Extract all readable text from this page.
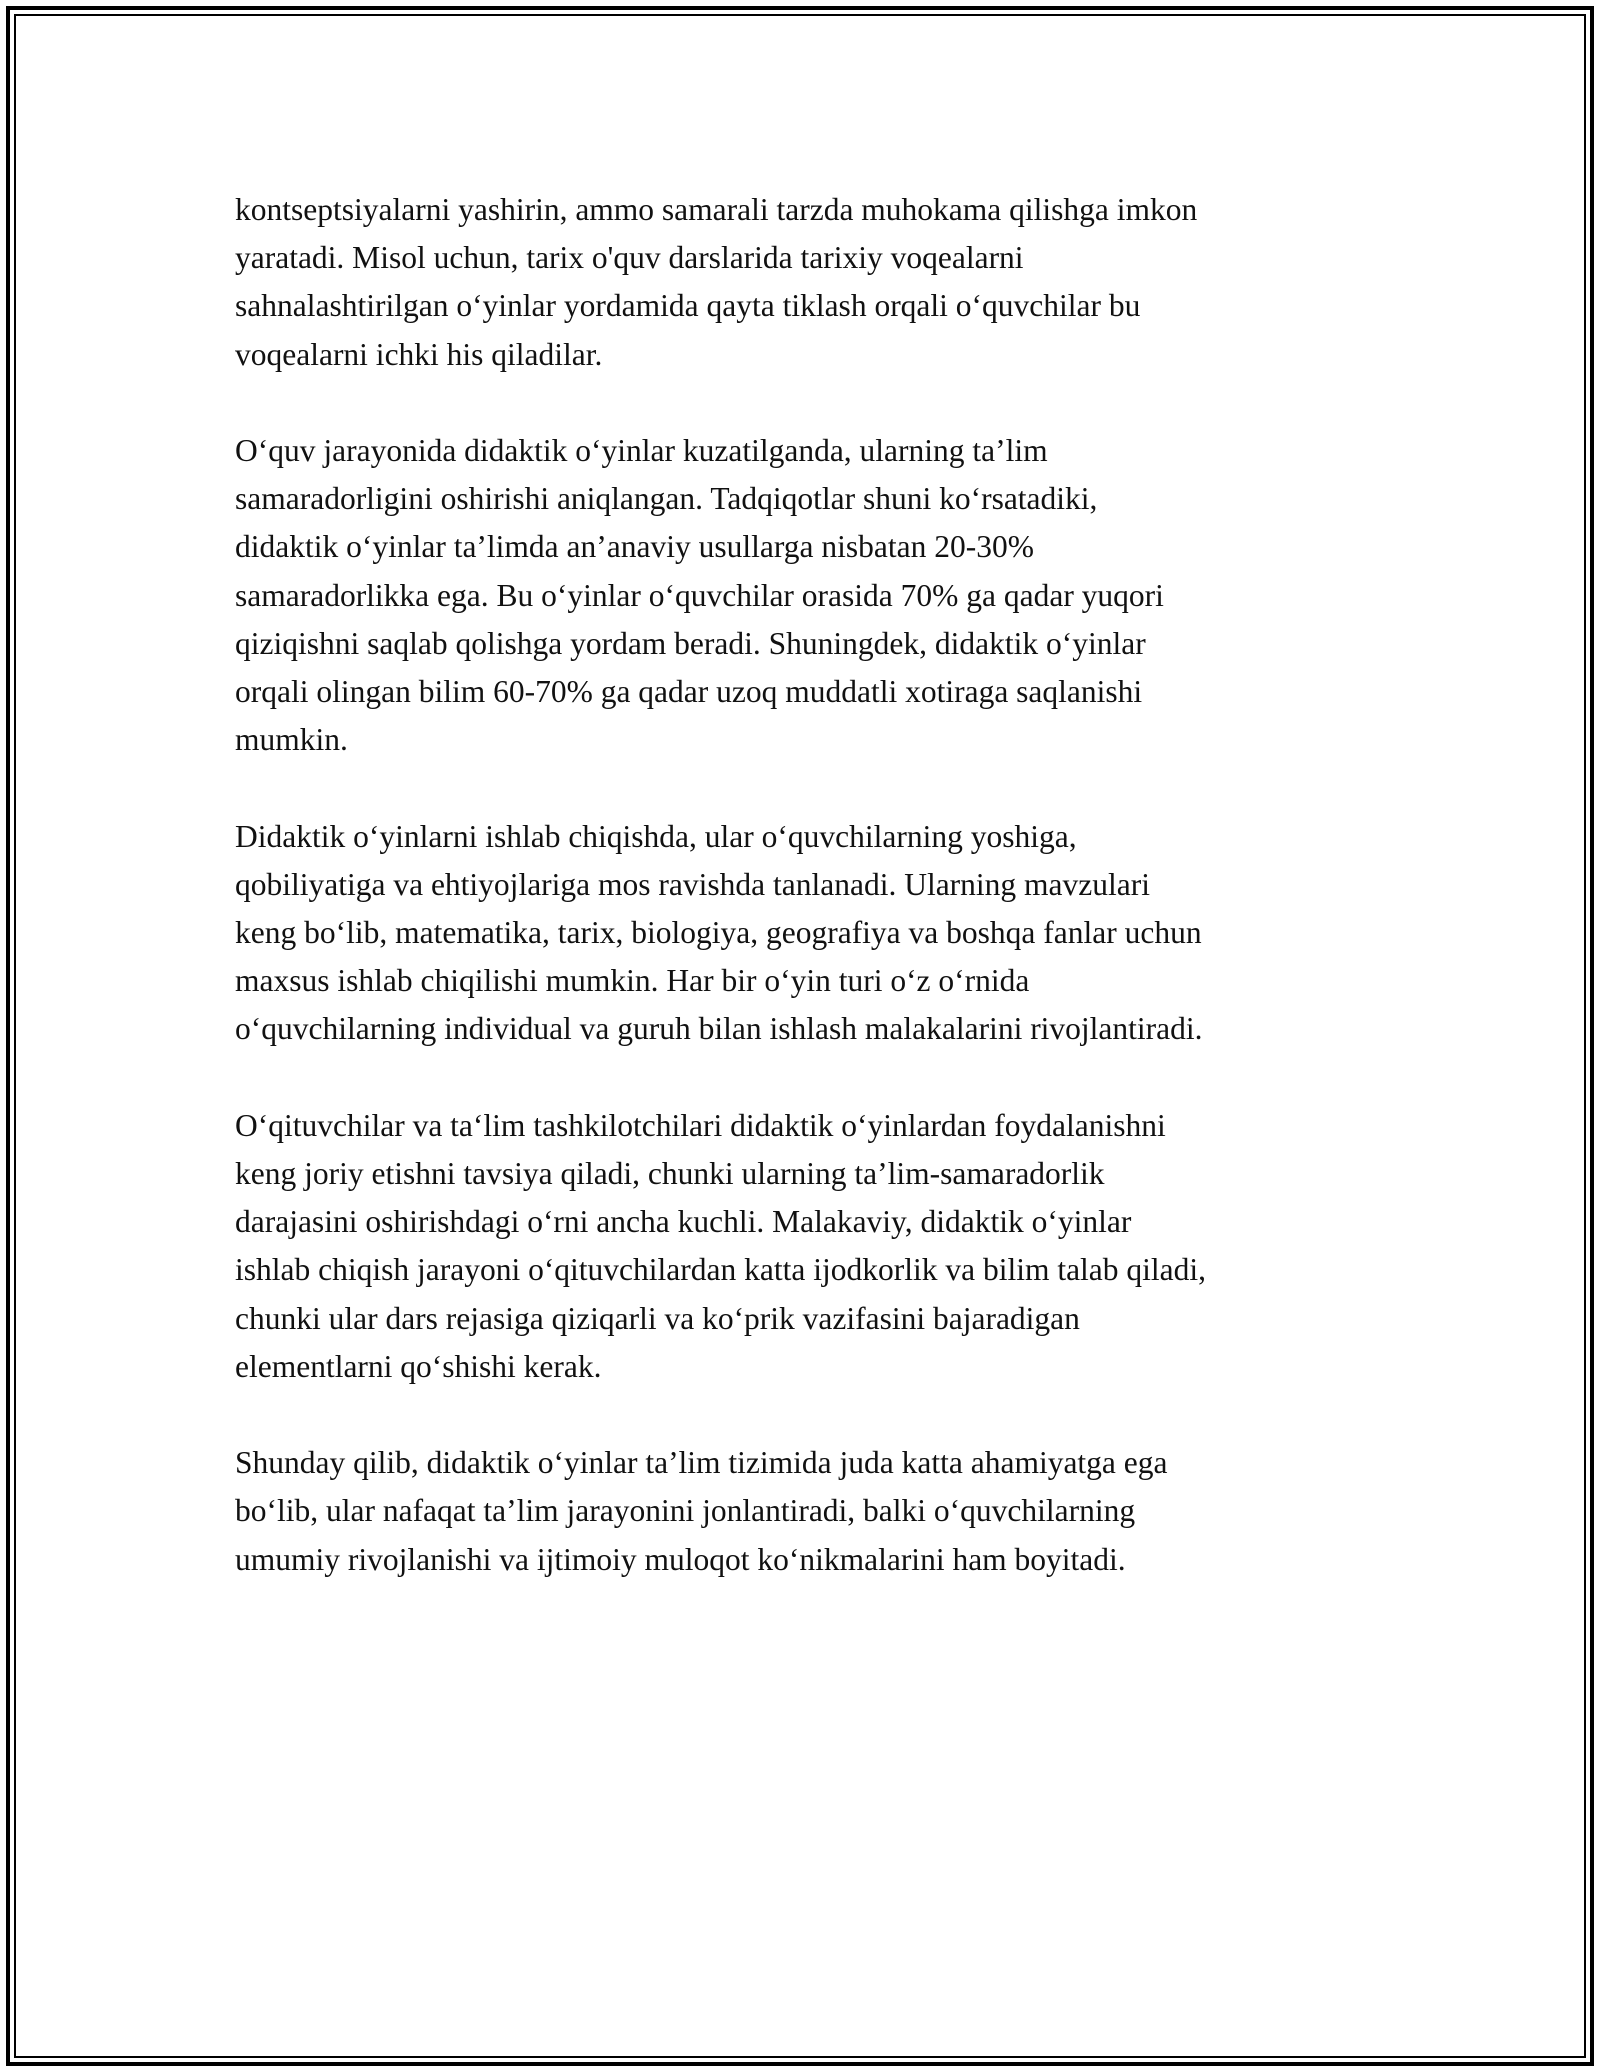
kontseptsiyalarni yashirin, ammo samarali tarzda muhokama qilishga imkon
yaratadi. Misol uchun, tarix o'quv darslarida tarixiy voqealarni
sahnalashtirilgan o‘yinlar yordamida qayta tiklash orqali o‘quvchilar bu
voqealarni ichki his qiladilar.

O‘quv jarayonida didaktik o‘yinlar kuzatilganda, ularning ta’lim
samaradorligini oshirishi aniqlangan. Tadqiqotlar shuni ko‘rsatadiki,
didaktik o‘yinlar ta’limda an’anaviy usullarga nisbatan 20-30%
samaradorlikka ega. Bu o‘yinlar o‘quvchilar orasida 70% ga qadar yuqori
qiziqishni saqlab qolishga yordam beradi. Shuningdek, didaktik o‘yinlar
orqali olingan bilim 60-70% ga qadar uzoq muddatli xotiraga saqlanishi
mumkin.

Didaktik o‘yinlarni ishlab chiqishda, ular o‘quvchilarning yoshiga,
qobiliyatiga va ehtiyojlariga mos ravishda tanlanadi. Ularning mavzulari
keng bo‘lib, matematika, tarix, biologiya, geografiya va boshqa fanlar uchun
maxsus ishlab chiqilishi mumkin. Har bir o‘yin turi o‘z o‘rnida
o‘quvchilarning individual va guruh bilan ishlash malakalarini rivojlantiradi.

O‘qituvchilar va ta‘lim tashkilotchilari didaktik o‘yinlardan foydalanishni
keng joriy etishni tavsiya qiladi, chunki ularning ta’lim-samaradorlik
darajasini oshirishdagi o‘rni ancha kuchli. Malakaviy, didaktik o‘yinlar
ishlab chiqish jarayoni o‘qituvchilardan katta ijodkorlik va bilim talab qiladi,
chunki ular dars rejasiga qiziqarli va ko‘prik vazifasini bajaradigan
elementlarni qo‘shishi kerak.

Shunday qilib, didaktik o‘yinlar ta’lim tizimida juda katta ahamiyatga ega
bo‘lib, ular nafaqat ta’lim jarayonini jonlantiradi, balki o‘quvchilarning
umumiy rivojlanishi va ijtimoiy muloqot ko‘nikmalarini ham boyitadi.
